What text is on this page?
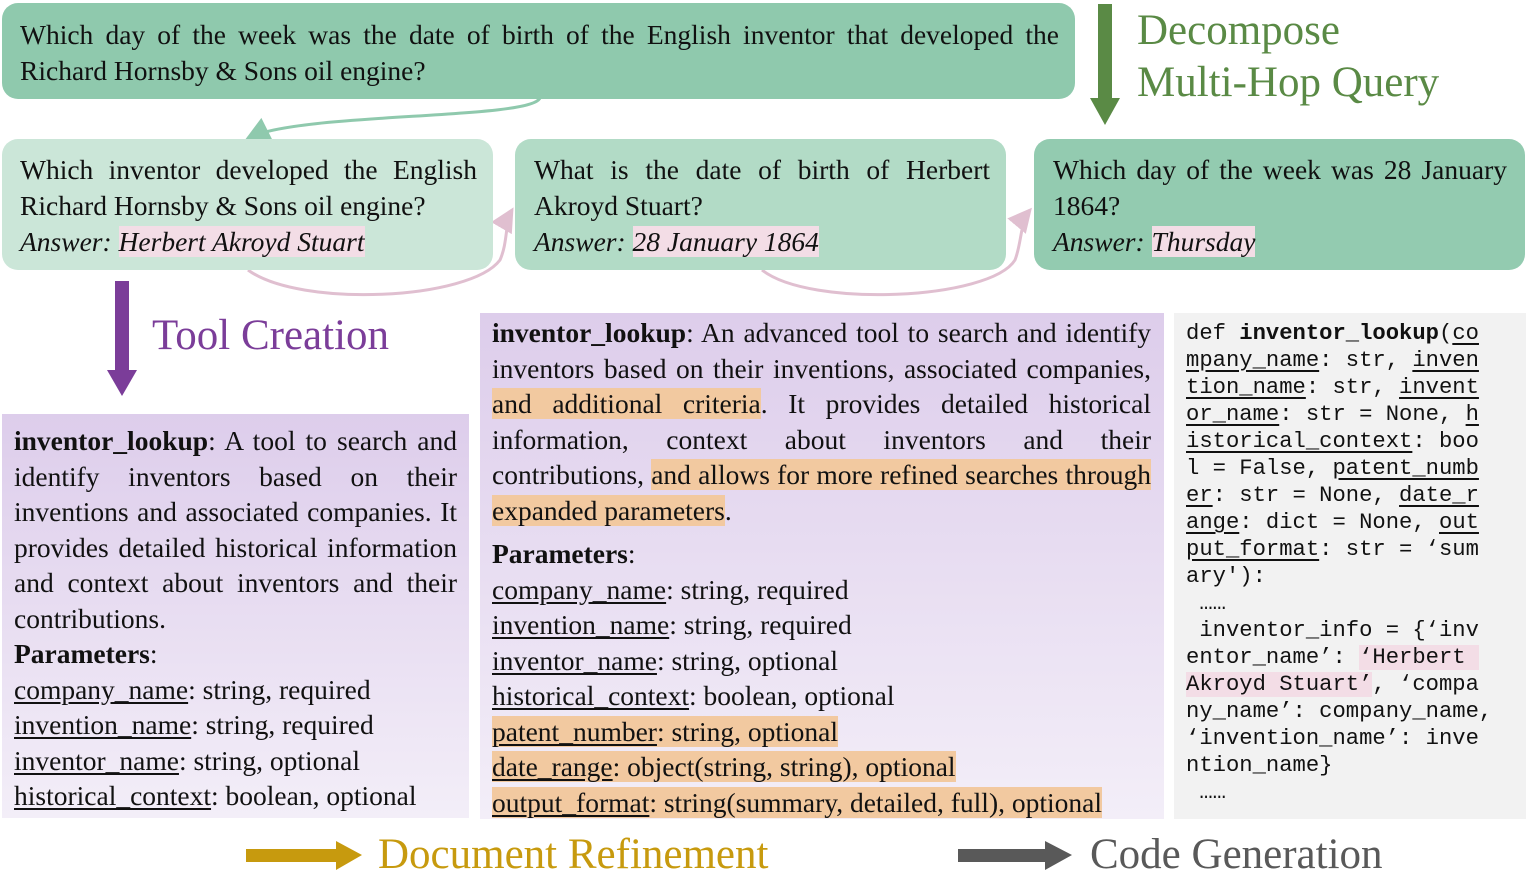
Which day of the week was the date of birth of the English inventor that developed the Richard Hornsby & Sons oil engine?
Decompose
Multi-Hop Query
Which inventor developed the English Richard Hornsby & Sons oil engine?
Answer: Herbert Akroyd Stuart
What is the date of birth of Herbert Akroyd Stuart?
Answer: 28 January 1864
Which day of the week was 28 January 1864?
Answer: Thursday
Tool Creation
inventor_lookup: A tool to search and identify inventors based on their inventions and associated companies. It provides detailed historical information and context about inventors and their contributions.
Parameters:
company_name: string, required
invention_name: string, required
inventor_name: string, optional
historical_context: boolean, optional
inventor_lookup: An advanced tool to search and identify inventors based on their inventions, associated companies, and additional criteria. It provides detailed historical information, context about inventors and their contributions, and allows for more refined searches through expanded parameters.
Parameters:
company_name: string, required
invention_name: string, required
inventor_name: string, optional
historical_context: boolean, optional
patent_number: string, optional
date_range: object(string, string), optional
output_format: string(summary, detailed, full), optional
def inventor_lookup(co
mpany_name: str, inven
tion_name: str, invent
or_name: str = None, h
istorical_context: boo
l = False, patent_numb
er: str = None, date_r
ange: dict = None, out
put_format: str = ‘sum
ary'):
……
inventor_info = {‘inv
entor_name’: ‘Herbert
Akroyd Stuart’, ‘compa
ny_name’: company_name,
‘invention_name’: inve
ntion_name}
……
Document Refinement	Code Generation
